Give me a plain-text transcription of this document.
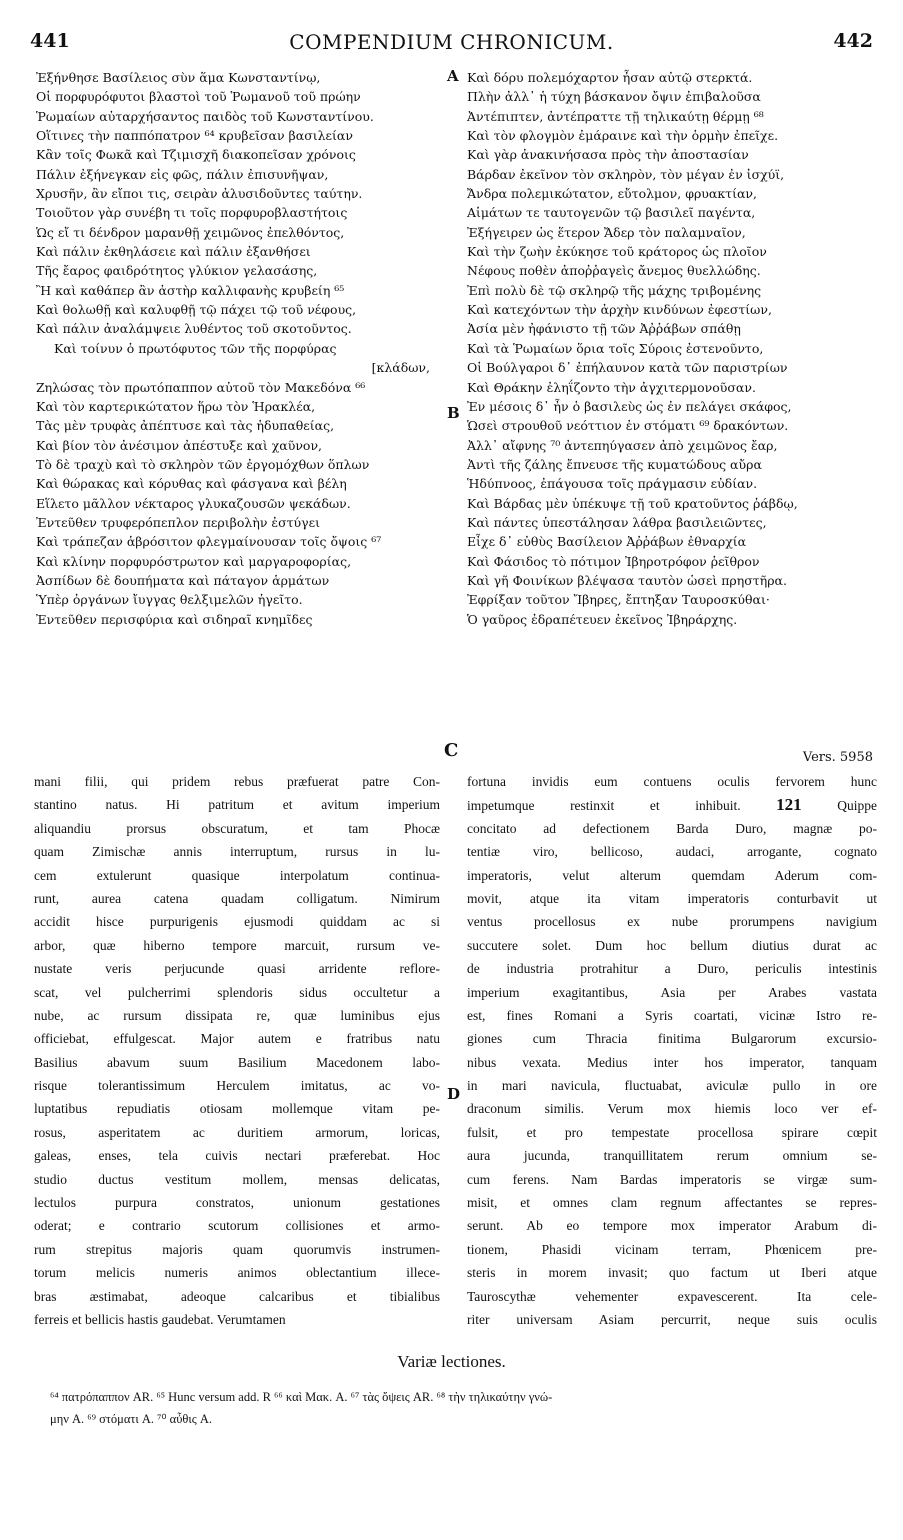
441	COMPENDIUM CHRONICUM.	442
A
B
C
D
Vers. 5958
Ἐξήνθησε Βασίλειος σὺν ἅμα Κωνσταντίνῳ,
Οἱ πορφυρόφυτοι βλαστοὶ τοῦ Ῥωμανοῦ τοῦ πρώην
Ῥωμαίων αὐταρχήσαντος παιδὸς τοῦ Κωνσταντίνου.
Οἵτινες τὴν παππόπατρον ⁶⁴ κρυβεῖσαν βασιλείαν
Κἂν τοῖς Φωκᾶ καὶ Τζιμισχῆ διακοπεῖσαν χρόνοις
Πάλιν ἐξήνεγκαν εἰς φῶς, πάλιν ἐπισυνῆψαν,
Χρυσῆν, ἂν εἴποι τις, σειρὰν ἀλυσιδοῦντες ταύτην.
Τοιοῦτον γὰρ συνέβη τι τοῖς πορφυροβλαστήτοις
Ὡς εἴ τι δένδρον μαρανθῇ χειμῶνος ἐπελθόντος,
Καὶ πάλιν ἐκθηλάσειε καὶ πάλιν ἐξανθήσει
Τῆς ἔαρος φαιδρότητος γλύκιον γελασάσης,
Ἢ καὶ καθάπερ ἂν ἀστὴρ καλλιφανὴς κρυβείη ⁶⁵
Καὶ θολωθῇ καὶ καλυφθῇ τῷ πάχει τῷ τοῦ νέφους,
Καὶ πάλιν ἀναλάμψειε λυθέντος τοῦ σκοτοῦντος.
Καὶ τοίνυν ὁ πρωτόφυτος τῶν τῆς πορφύρας
[κλάδων,
Ζηλώσας τὸν πρωτόπαππον αὐτοῦ τὸν Μακεδόνα ⁶⁶
Καὶ τὸν καρτερικώτατον ἥρω τὸν Ἡρακλέα,
Τὰς μὲν τρυφὰς ἀπέπτυσε καὶ τὰς ἡδυπαθείας,
Καὶ βίον τὸν ἀνέσιμον ἀπέστυξε καὶ χαῦνον,
Τὸ δὲ τραχὺ καὶ τὸ σκληρὸν τῶν ἐργομόχθων ὅπλων
Καὶ θώρακας καὶ κόρυθας καὶ φάσγανα καὶ βέλη
Εἵλετο μᾶλλον νέκταρος γλυκαζουσῶν ψεκάδων.
Ἐντεῦθεν τρυφερόπεπλον περιβολὴν ἐστύγει
Καὶ τράπεζαν ἁβρόσιτον φλεγμαίνουσαν τοῖς ὄψοις ⁶⁷
Καὶ κλίνην πορφυρόστρωτον καὶ μαργαροφορίας,
Ἀσπίδων δὲ δουπήματα καὶ πάταγον ἁρμάτων
Ὑπὲρ ὀργάνων ἴυγγας θελξιμελῶν ἡγεῖτο.
Ἐντεῦθεν περισφύρια καὶ σιδηραῖ κνημῖδες
Καὶ δόρυ πολεμόχαρτον ἦσαν αὐτῷ στερκτά.
Πλὴν ἀλλ᾽ ἡ τύχη βάσκανον ὄψιν ἐπιβαλοῦσα
Ἀντέπιπτεν, ἀντέπραττε τῇ τηλικαύτῃ θέρμῃ ⁶⁸
Καὶ τὸν φλογμὸν ἐμάραινε καὶ τὴν ὁρμὴν ἐπεῖχε.
Καὶ γὰρ ἀνακινήσασα πρὸς τὴν ἀποστασίαν
Βάρδαν ἐκεῖνον τὸν σκληρὸν, τὸν μέγαν ἐν ἰσχύϊ,
Ἄνδρα πολεμικώτατον, εὔτολμον, φρυακτίαν,
Αἱμάτων τε ταυτογενῶν τῷ βασιλεῖ παγέντα,
Ἐξήγειρεν ὡς ἕτερον Ἄδερ τὸν παλαμναῖον,
Καὶ τὴν ζωὴν ἐκύκησε τοῦ κράτορος ὡς πλοῖον
Νέφους ποθὲν ἀποῤῥαγεὶς ἄνεμος θυελλώδης.
Ἐπὶ πολὺ δὲ τῷ σκληρῷ τῆς μάχης τριβομένης
Καὶ κατεχόντων τὴν ἀρχὴν κινδύνων ἐφεστίων,
Ἀσία μὲν ἠφάνιστο τῇ τῶν Ἀῤῥάβων σπάθῃ
Καὶ τὰ Ῥωμαίων ὅρια τοῖς Σύροις ἐστενοῦντο,
Οἱ Βούλγαροι δ᾽ ἐπήλαυνον κατὰ τῶν παριστρίων
Καὶ Θράκην ἐληΐζοντο τὴν ἀγχιτερμονοῦσαν.
Ἐν μέσοις δ᾽ ἦν ὁ βασιλεὺς ὡς ἐν πελάγει σκάφος,
Ὡσεὶ στρουθοῦ νεόττιον ἐν στόματι ⁶⁹ δρακόντων.
Ἀλλ᾽ αἴφνης ⁷⁰ ἀντεπηύγασεν ἀπὸ χειμῶνος ἔαρ,
Ἀντὶ τῆς ζάλης ἔπνευσε τῆς κυματώδους αὔρα
Ἡδύπνοος, ἐπάγουσα τοῖς πράγμασιν εὐδίαν.
Καὶ Βάρδας μὲν ὑπέκυψε τῇ τοῦ κρατοῦντος ῥάβδῳ,
Καὶ πάντες ὑπεστάλησαν λάθρα βασιλειῶντες,
Εἶχε δ᾽ εὐθὺς Βασίλειον Ἀῤῥάβων ἐθναρχία
Καὶ Φάσιδος τὸ πότιμον Ἰβηροτρόφον ῥεῖθρον
Καὶ γῆ Φοινίκων βλέψασα ταυτὸν ὡσεὶ πρηστῆρα.
Ἐφρίξαν τοῦτον Ἴβηρες, ἔπτηξαν Ταυροσκύθαι·
Ὁ γαῦρος ἐδραπέτευεν ἐκεῖνος Ἰβηράρχης.
mani filii, qui pridem rebus præfuerat patre Con-
stantino natus. Hi patritum et avitum imperium
aliquandiu prorsus obscuratum, et tam Phocæ
quam Zimischæ annis interruptum, rursus in lu-
cem extulerunt quasique interpolatum continua-
runt, aurea catena quadam colligatum. Nimirum
accidit hisce purpurigenis ejusmodi quiddam ac si
arbor, quæ hiberno tempore marcuit, rursum ve-
nustate veris perjucunde quasi arridente reflore-
scat, vel pulcherrimi splendoris sidus occultetur a
nube, ac rursum dissipata re, quæ luminibus ejus
officiebat, effulgescat. Major autem e fratribus natu
Basilius abavum suum Basilium Macedonem labo-
risque tolerantissimum Herculem imitatus, ac vo-
luptatibus repudiatis otiosam mollemque vitam pe-
rosus, asperitatem ac duritiem armorum, loricas,
galeas, enses, tela cuivis nectari præferebat. Hoc
studio ductus vestitum mollem, mensas delicatas,
lectulos purpura constratos, unionum gestationes
oderat; e contrario scutorum collisiones et armo-
rum strepitus majoris quam quorumvis instrumen-
torum melicis numeris animos oblectantium illece-
bras æstimabat, adeoque calcaribus et tibialibus
ferreis et bellicis hastis gaudebat. Verumtamen
fortuna invidis eum contuens oculis fervorem hunc
impetumque restinxit et inhibuit. 121 Quippe
concitato ad defectionem Barda Duro, magnæ po-
tentiæ viro, bellicoso, audaci, arrogante, cognato
imperatoris, velut alterum quemdam Aderum com-
movit, atque ita vitam imperatoris conturbavit ut
ventus procellosus ex nube prorumpens navigium
succutere solet. Dum hoc bellum diutius durat ac
de industria protrahitur a Duro, periculis intestinis
imperium exagitantibus, Asia per Arabes vastata
est, fines Romani a Syris coartati, vicinæ Istro re-
giones cum Thracia finitima Bulgarorum excursio-
nibus vexata. Medius inter hos imperator, tanquam
in mari navicula, fluctuabat, aviculæ pullo in ore
draconum similis. Verum mox hiemis loco ver ef-
fulsit, et pro tempestate procellosa spirare cœpit
aura jucunda, tranquillitatem rerum omnium se-
cum ferens. Nam Bardas imperatoris se virgæ sum-
misit, et omnes clam regnum affectantes se repres-
serunt. Ab eo tempore mox imperator Arabum di-
tionem, Phasidi vicinam terram, Phœnicem pre-
steris in morem invasit; quo factum ut Iberi atque
Tauroscythæ vehementer expavescerent. Ita cele-
riter universam Asiam percurrit, neque suis oculis
Variæ lectiones.
⁶⁴ πατρόπαππον AR. ⁶⁵ Hunc versum add. R ⁶⁶ καὶ Μακ. A. ⁶⁷ τὰς ὄψεις AR. ⁶⁸ τὴν τηλικαύτην γνώ-
μην A. ⁶⁹ στόματι A. ⁷⁰ αὖθις A.
